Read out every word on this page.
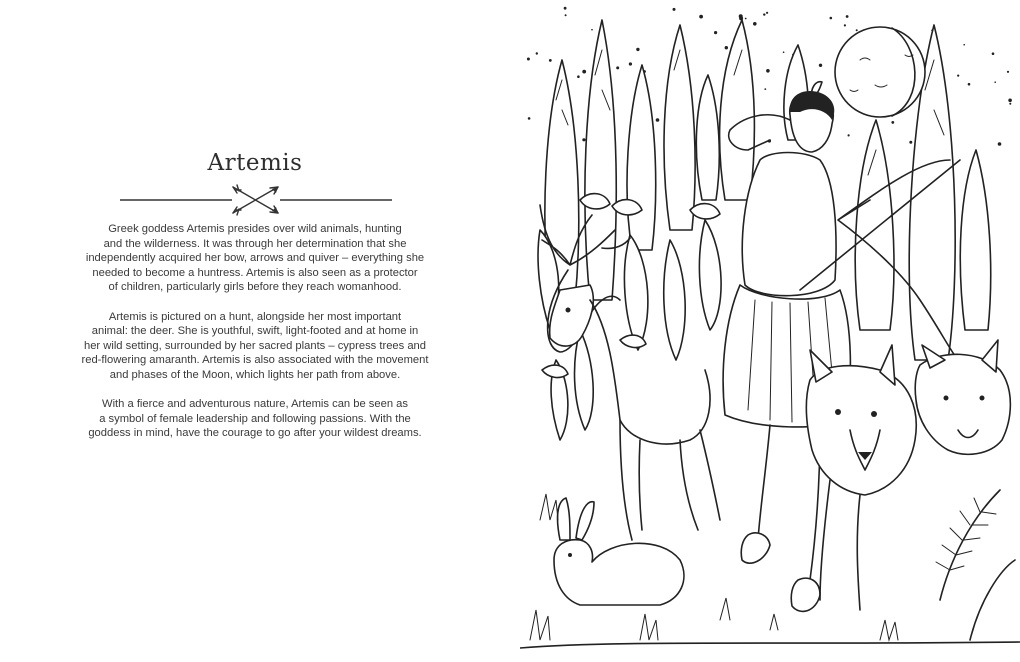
Artemis

Greek goddess Artemis presides over wild animals, hunting
and the wilderness. It was through her determination that she
independently acquired her bow, arrows and quiver – everything she
needed to become a huntress. Artemis is also seen as a protector
of children, particularly girls before they reach womanhood.

Artemis is pictured on a hunt, alongside her most important
animal: the deer. She is youthful, swift, light-footed and at home in
her wild setting, surrounded by her sacred plants – cypress trees and
red-flowering amaranth. Artemis is also associated with the movement
and phases of the Moon, which lights her path from above.

With a fierce and adventurous nature, Artemis can be seen as
a symbol of female leadership and following passions. With the
goddess in mind, have the courage to go after your wildest dreams.
